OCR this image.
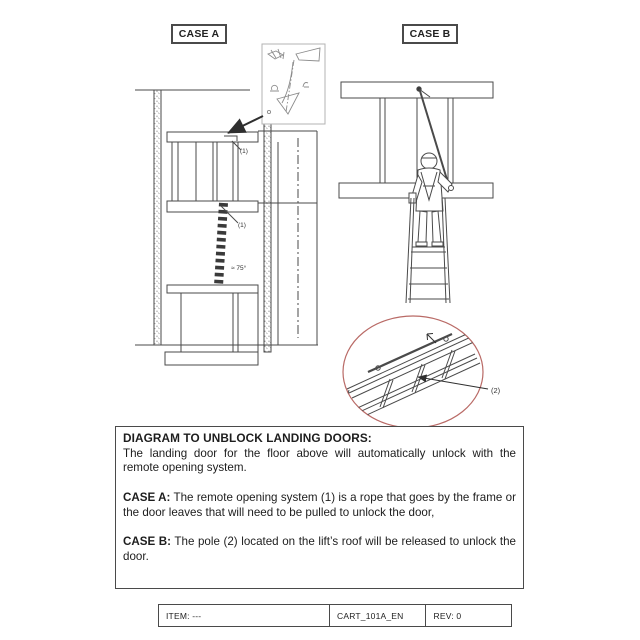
CASE A	CASE B
(1)
(1)
≈ 75°
(2)

DIAGRAM TO UNBLOCK LANDING DOORS:

The landing door for the floor above will automatically unlock with the remote opening system.

CASE A: The remote opening system (1) is a rope that goes by the frame or the door leaves that will need to be pulled to unlock the door,

CASE B: The pole (2) located on the lift’s roof will be released to unlock the door.

ITEM: ---	CART_101A_EN	REV: 0
